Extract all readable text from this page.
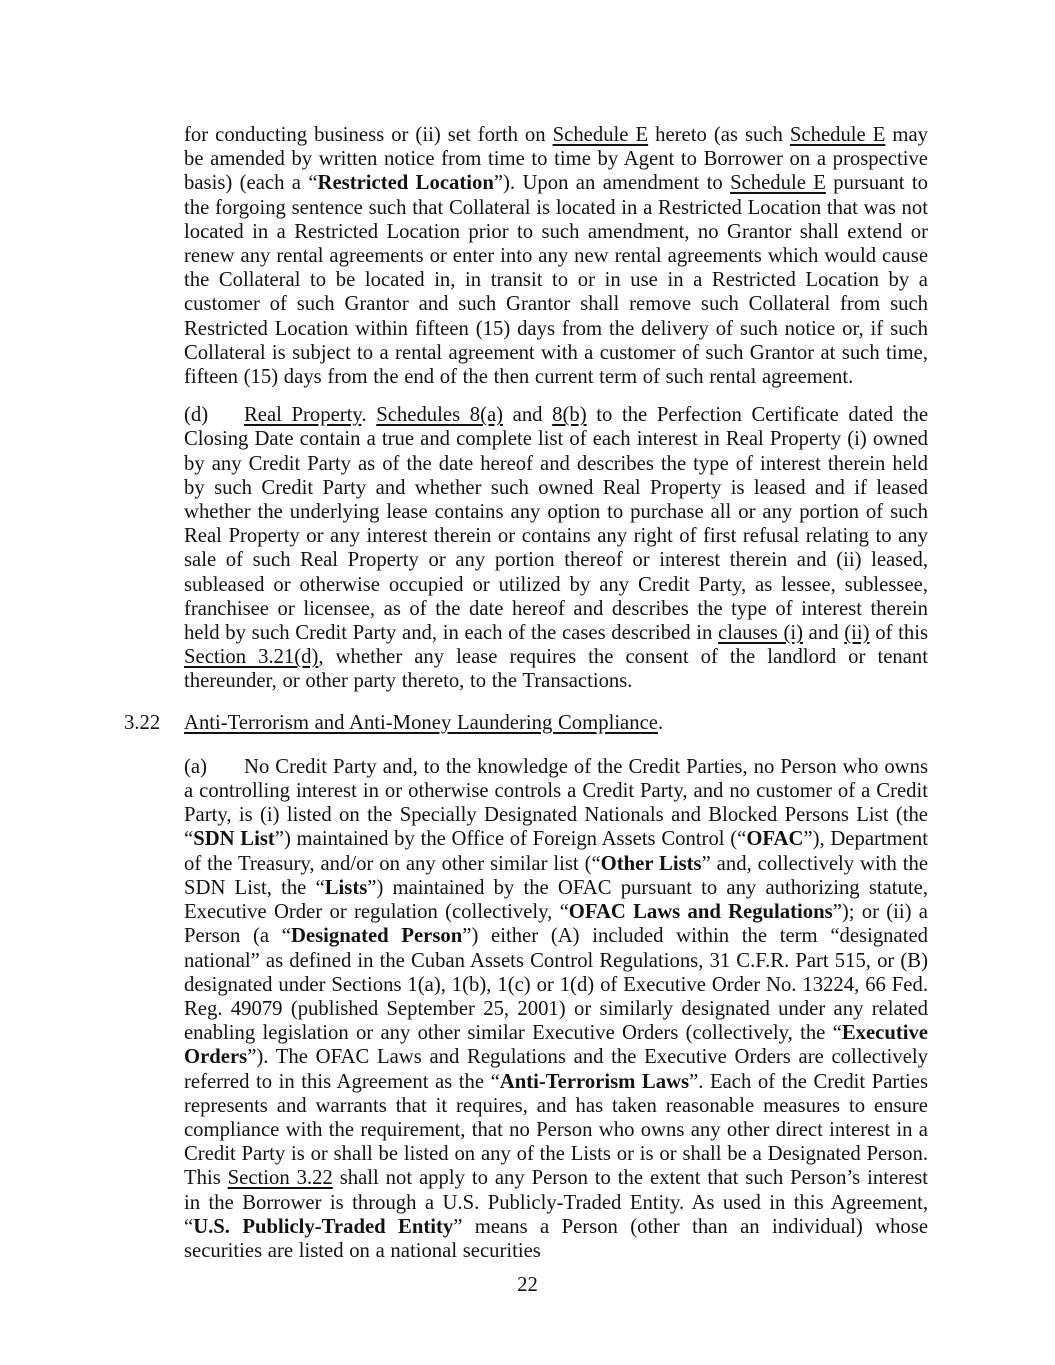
for conducting business or (ii) set forth on Schedule E hereto (as such Schedule E may be amended by written notice from time to time by Agent to Borrower on a prospective basis) (each a “Restricted Location”). Upon an amendment to Schedule E pursuant to the forgoing sentence such that Collateral is located in a Restricted Location that was not located in a Restricted Location prior to such amendment, no Grantor shall extend or renew any rental agreements or enter into any new rental agreements which would cause the Collateral to be located in, in transit to or in use in a Restricted Location by a customer of such Grantor and such Grantor shall remove such Collateral from such Restricted Location within fifteen (15) days from the delivery of such notice or, if such Collateral is subject to a rental agreement with a customer of such Grantor at such time, fifteen (15) days from the end of the then current term of such rental agreement.
(d) Real Property. Schedules 8(a) and 8(b) to the Perfection Certificate dated the Closing Date contain a true and complete list of each interest in Real Property (i) owned by any Credit Party as of the date hereof and describes the type of interest therein held by such Credit Party and whether such owned Real Property is leased and if leased whether the underlying lease contains any option to purchase all or any portion of such Real Property or any interest therein or contains any right of first refusal relating to any sale of such Real Property or any portion thereof or interest therein and (ii) leased, subleased or otherwise occupied or utilized by any Credit Party, as lessee, sublessee, franchisee or licensee, as of the date hereof and describes the type of interest therein held by such Credit Party and, in each of the cases described in clauses (i) and (ii) of this Section 3.21(d), whether any lease requires the consent of the landlord or tenant thereunder, or other party thereto, to the Transactions.
3.22 Anti-Terrorism and Anti-Money Laundering Compliance.
(a) No Credit Party and, to the knowledge of the Credit Parties, no Person who owns a controlling interest in or otherwise controls a Credit Party, and no customer of a Credit Party, is (i) listed on the Specially Designated Nationals and Blocked Persons List (the “SDN List”) maintained by the Office of Foreign Assets Control (“OFAC”), Department of the Treasury, and/or on any other similar list (“Other Lists” and, collectively with the SDN List, the “Lists”) maintained by the OFAC pursuant to any authorizing statute, Executive Order or regulation (collectively, “OFAC Laws and Regulations”); or (ii) a Person (a “Designated Person”) either (A) included within the term “designated national” as defined in the Cuban Assets Control Regulations, 31 C.F.R. Part 515, or (B) designated under Sections 1(a), 1(b), 1(c) or 1(d) of Executive Order No. 13224, 66 Fed. Reg. 49079 (published September 25, 2001) or similarly designated under any related enabling legislation or any other similar Executive Orders (collectively, the “Executive Orders”). The OFAC Laws and Regulations and the Executive Orders are collectively referred to in this Agreement as the “Anti-Terrorism Laws”. Each of the Credit Parties represents and warrants that it requires, and has taken reasonable measures to ensure compliance with the requirement, that no Person who owns any other direct interest in a Credit Party is or shall be listed on any of the Lists or is or shall be a Designated Person. This Section 3.22 shall not apply to any Person to the extent that such Person’s interest in the Borrower is through a U.S. Publicly-Traded Entity. As used in this Agreement, “U.S. Publicly-Traded Entity” means a Person (other than an individual) whose securities are listed on a national securities
22
